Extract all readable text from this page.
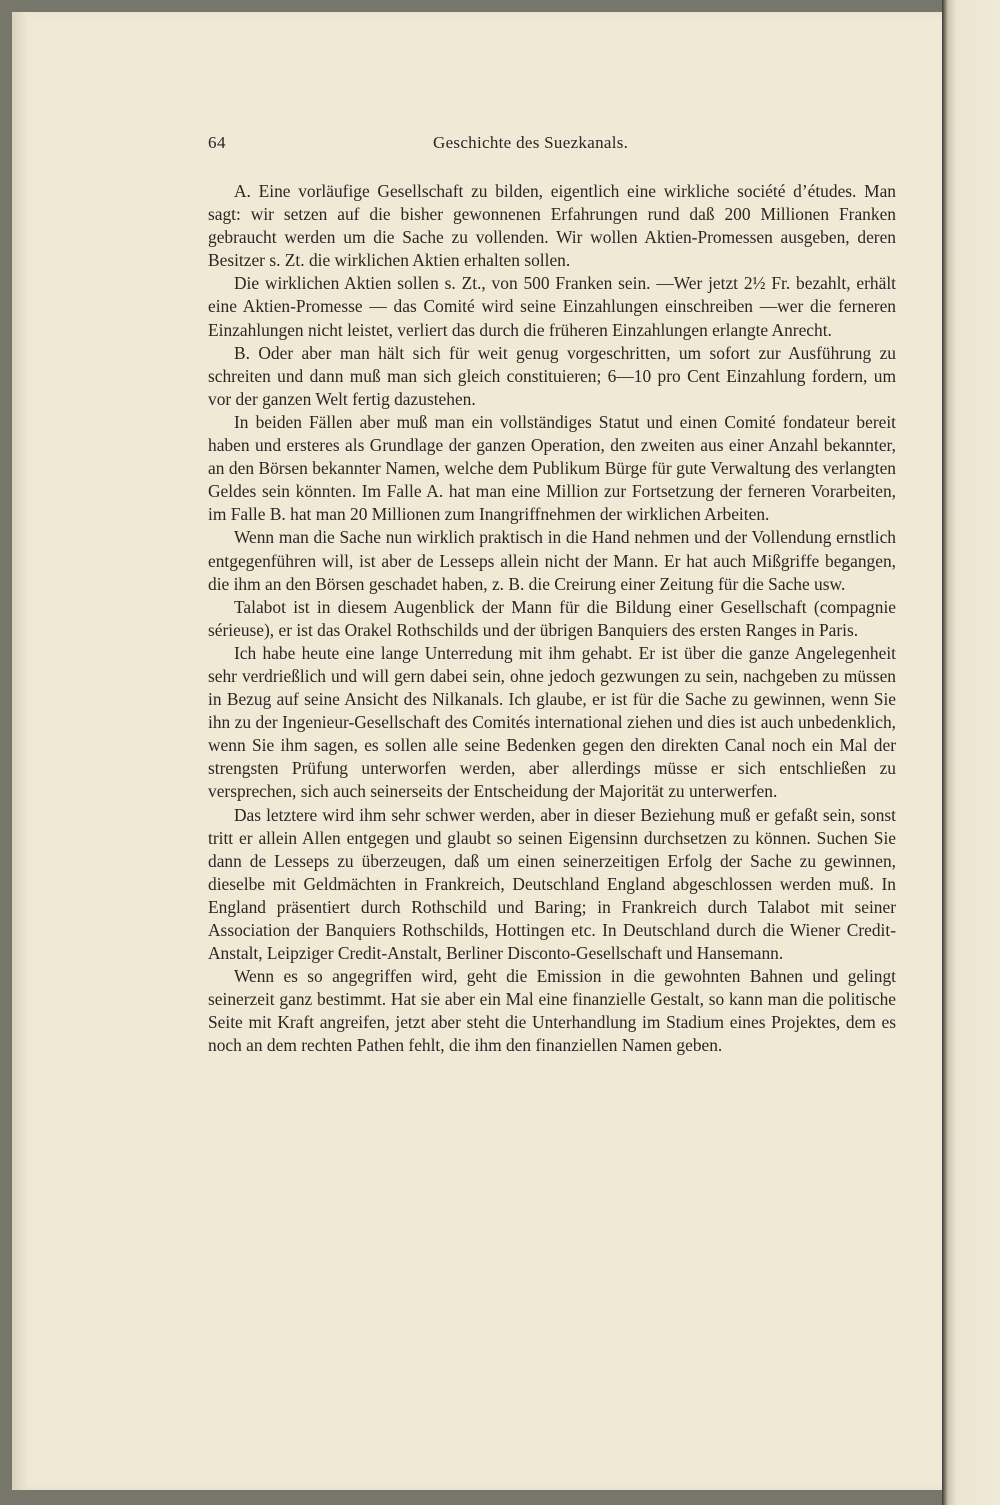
64	Geschichte des Suezkanals.

A. Eine vorläufige Gesellschaft zu bilden, eigentlich eine wirkliche société d’études. Man sagt: wir setzen auf die bisher gewonnenen Erfahrungen rund daß 200 Millionen Franken gebraucht werden um die Sache zu vollenden. Wir wollen Aktien-Promessen ausgeben, deren Besitzer s. Zt. die wirklichen Aktien erhalten sollen.

Die wirklichen Aktien sollen s. Zt., von 500 Franken sein. —Wer jetzt 2½ Fr. bezahlt, erhält eine Aktien-Promesse — das Comité wird seine Einzahlungen einschreiben —wer die ferneren Einzahlungen nicht leistet, verliert das durch die früheren Einzahlungen erlangte Anrecht.

B. Oder aber man hält sich für weit genug vorgeschritten, um sofort zur Ausführung zu schreiten und dann muß man sich gleich constituieren; 6—10 pro Cent Einzahlung fordern, um vor der ganzen Welt fertig dazustehen.

In beiden Fällen aber muß man ein vollständiges Statut und einen Comité fondateur bereit haben und ersteres als Grundlage der ganzen Operation, den zweiten aus einer Anzahl bekannter, an den Börsen bekannter Namen, welche dem Publikum Bürge für gute Verwaltung des verlangten Geldes sein könnten. Im Falle A. hat man eine Million zur Fortsetzung der ferneren Vorarbeiten, im Falle B. hat man 20 Millionen zum Inangriffnehmen der wirklichen Arbeiten.

Wenn man die Sache nun wirklich praktisch in die Hand nehmen und der Vollendung ernstlich entgegenführen will, ist aber de Lesseps allein nicht der Mann. Er hat auch Mißgriffe begangen, die ihm an den Börsen geschadet haben, z. B. die Creirung einer Zeitung für die Sache usw.

Talabot ist in diesem Augenblick der Mann für die Bildung einer Gesellschaft (compagnie sérieuse), er ist das Orakel Rothschilds und der übrigen Banquiers des ersten Ranges in Paris.

Ich habe heute eine lange Unterredung mit ihm gehabt. Er ist über die ganze Angelegenheit sehr verdrießlich und will gern dabei sein, ohne jedoch gezwungen zu sein, nachgeben zu müssen in Bezug auf seine Ansicht des Nilkanals. Ich glaube, er ist für die Sache zu gewinnen, wenn Sie ihn zu der Ingenieur-Gesellschaft des Comités international ziehen und dies ist auch unbedenklich, wenn Sie ihm sagen, es sollen alle seine Bedenken gegen den direkten Canal noch ein Mal der strengsten Prüfung unterworfen werden, aber allerdings müsse er sich entschließen zu versprechen, sich auch seinerseits der Entscheidung der Majorität zu unterwerfen.

Das letztere wird ihm sehr schwer werden, aber in dieser Beziehung muß er gefaßt sein, sonst tritt er allein Allen entgegen und glaubt so seinen Eigensinn durchsetzen zu können. Suchen Sie dann de Lesseps zu überzeugen, daß um einen seinerzeitigen Erfolg der Sache zu gewinnen, dieselbe mit Geldmächten in Frankreich, Deutschland England abgeschlossen werden muß. In England präsentiert durch Rothschild und Baring; in Frankreich durch Talabot mit seiner Association der Banquiers Rothschilds, Hottingen etc. In Deutschland durch die Wiener Credit-Anstalt, Leipziger Credit-Anstalt, Berliner Disconto-Gesellschaft und Hansemann.

Wenn es so angegriffen wird, geht die Emission in die gewohnten Bahnen und gelingt seinerzeit ganz bestimmt. Hat sie aber ein Mal eine finanzielle Gestalt, so kann man die politische Seite mit Kraft angreifen, jetzt aber steht die Unterhandlung im Stadium eines Projektes, dem es noch an dem rechten Pathen fehlt, die ihm den finanziellen Namen geben.
